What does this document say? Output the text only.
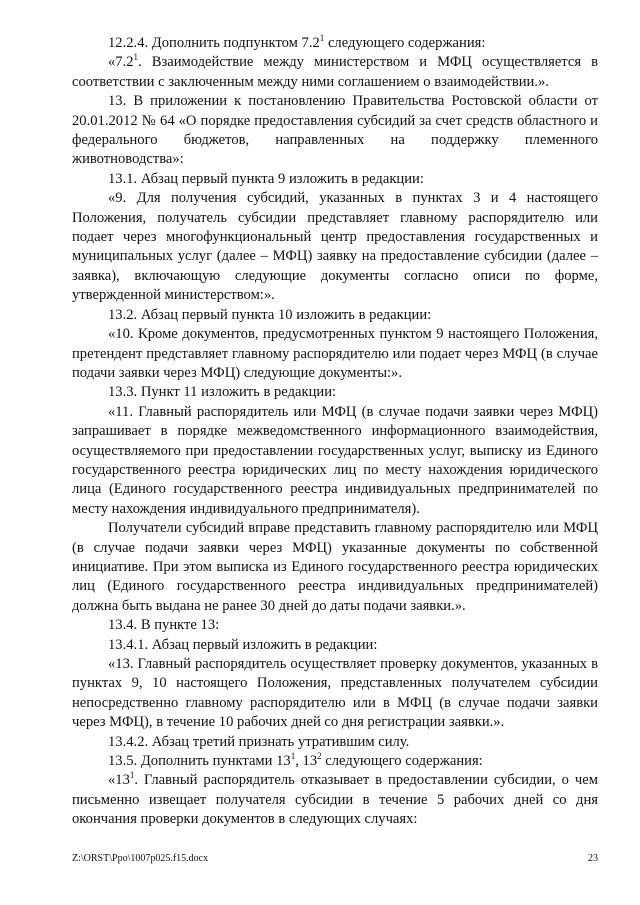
12.2.4. Дополнить подпунктом $7.2^1$ следующего содержания:

«$7.2^1$. Взаимодействие между министерством и МФЦ осуществляется в соответствии с заключенным между ними соглашением о взаимодействии.».

13. В приложении к постановлению Правительства Ростовской области от 20.01.2012 № 64 «О порядке предоставления субсидий за счет средств областного и федерального бюджетов, направленных на поддержку племенного животноводства»:

13.1. Абзац первый пункта 9 изложить в редакции:

«9. Для получения субсидий, указанных в пунктах 3 и 4 настоящего Положения, получатель субсидии представляет главному распорядителю или подает через многофункциональный центр предоставления государственных и муниципальных услуг (далее – МФЦ) заявку на предоставление субсидии (далее – заявка), включающую следующие документы согласно описи по форме, утвержденной министерством:».

13.2. Абзац первый пункта 10 изложить в редакции:

«10. Кроме документов, предусмотренных пунктом 9 настоящего Положения, претендент представляет главному распорядителю или подает через МФЦ (в случае подачи заявки через МФЦ) следующие документы:».

13.3. Пункт 11 изложить в редакции:

«11. Главный распорядитель или МФЦ (в случае подачи заявки через МФЦ) запрашивает в порядке межведомственного информационного взаимодействия, осуществляемого при предоставлении государственных услуг, выписку из Единого государственного реестра юридических лиц по месту нахождения юридического лица (Единого государственного реестра индивидуальных предпринимателей по месту нахождения индивидуального предпринимателя).

Получатели субсидий вправе представить главному распорядителю или МФЦ (в случае подачи заявки через МФЦ) указанные документы по собственной инициативе. При этом выписка из Единого государственного реестра юридических лиц (Единого государственного реестра индивидуальных предпринимателей) должна быть выдана не ранее 30 дней до даты подачи заявки.».

13.4. В пункте 13:

13.4.1. Абзац первый изложить в редакции:

«13. Главный распорядитель осуществляет проверку документов, указанных в пунктах 9, 10 настоящего Положения, представленных получателем субсидии непосредственно главному распорядителю или в МФЦ (в случае подачи заявки через МФЦ), в течение 10 рабочих дней со дня регистрации заявки.».

13.4.2. Абзац третий признать утратившим силу.

13.5. Дополнить пунктами $13^1$, $13^2$ следующего содержания:

«$13^1$. Главный распорядитель отказывает в предоставлении субсидии, о чем письменно извещает получателя субсидии в течение 5 рабочих дней со дня окончания проверки документов в следующих случаях:

Z:\ORST\Ppo\1007p025.f15.docx	23
